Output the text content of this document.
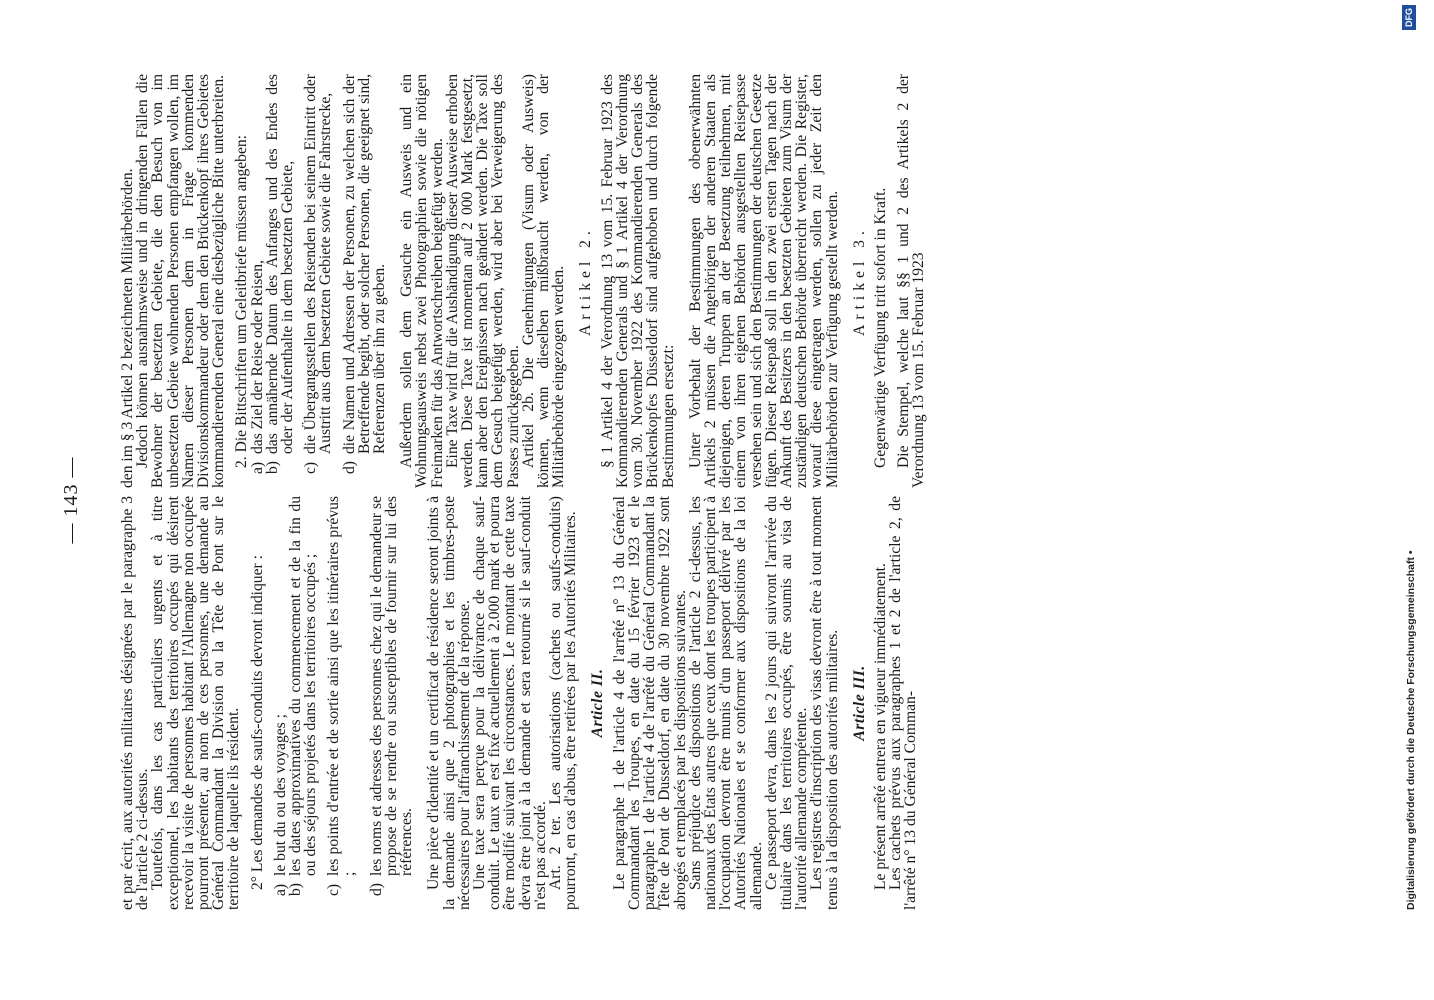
— 143 — et par écrit, aux autorités militaires désignées par le paragraphe 3 de l'article 2 ci-dessus.

Toutefois, dans les cas particuliers urgents et à titre exceptionnel, les habitants des territoires occupés qui désirent recevoir la visite de personnes habitant l'Allemagne non occupée pourront présenter, au nom de ces personnes, une demande au Général Commandant la Division ou la Tête de Pont sur le territoire de laquelle ils résident. 2° Les demandes de saufs-conduits devront indiquer : a)
le but du ou des voyages ;
b)
les dates approximatives du commencement et de la fin du ou des séjours projetés dans les territoires occupés ;
c)
les points d'entrée et de sortie ainsi que les itinéraires prévus ;
d)
les noms et adresses des personnes chez qui le demandeur se propose de se rendre ou susceptibles de fournir sur lui des références. Une pièce d'identité et un certificat de résidence seront joints à la demande ainsi que 2 photographies et les timbres-poste nécessaires pour l'affranchissement de la réponse.

Une taxe sera perçue pour la délivrance de chaque sauf-conduit. Le taux en est fixé actuellement à 2.000 mark et pourra être modifié suivant les circonstances. Le montant de cette taxe devra être joint à la demande et sera retourné si le sauf-conduit n'est pas accordé.

Art. 2 ter. Les autorisations (cachets ou saufs-conduits) pourront, en cas d'abus, être retirées par les Autorités Militaires. Article II. Le paragraphe 1 de l'article 4 de l'arrêté n° 13 du Général Commandant les Troupes, en date du 15 février 1923 et le paragraphe 1 de l'article 4 de l'arrêté du Général Commandant la Tête de Pont de Dusseldorf, en date du 30 novembre 1922 sont abrogés et remplacés par les dispositions suivantes.

Sans préjudice des dispositions de l'article 2 ci-dessus, les nationaux des États autres que ceux dont les troupes participent à l'occupation devront être munis d'un passeport délivré par les Autorités Nationales et se conformer aux dispositions de la loi allemande.

Ce passeport devra, dans les 2 jours qui suivront l'arrivée du titulaire dans les territoires occupés, être soumis au visa de l'autorité allemande compétente.

Les registres d'inscription des visas devront être à tout moment tenus à la disposition des autorités militaires. Article III. Le présent arrêté entrera en vigueur immédiatement.

Les cachets prévus aux paragraphes 1 et 2 de l'article 2, de l'arrêté n° 13 du Général Comman-

den im § 3 Artikel 2 bezeichneten Militärbehörden.

Jedoch können ausnahmsweise und in dringenden Fällen die Bewohner der besetzten Gebiete, die den Besuch von im unbesetzten Gebiete wohnenden Personen empfangen wollen, im Namen dieser Personen dem in Frage kommenden Divisionskommandeur oder dem den Brückenkopf ihres Gebietes kommandierenden General eine diesbezügliche Bitte unterbreiten. 2. Die Bittschriften um Geleitbriefe müssen angeben:

a)
das Ziel der Reise oder Reisen,
b)
das annähernde Datum des Anfanges und des Endes des oder der Aufenthalte in dem besetzten Gebiete,
c)
die Übergangsstellen des Reisenden bei seinem Eintritt oder Austritt aus dem besetzten Gebiete sowie die Fahrstrecke,
d)
die Namen und Adressen der Personen, zu welchen sich der Betreffende begibt, oder solcher Personen, die geeignet sind, Referenzen über ihn zu geben. Außerdem sollen dem Gesuche ein Ausweis und ein Wohnungsausweis nebst zwei Photographien sowie die nötigen Freimarken für das Antwortschreiben beigefügt werden.

Eine Taxe wird für die Aushändigung dieser Ausweise erhoben werden. Diese Taxe ist momentan auf 2 000 Mark festgesetzt, kann aber den Ereignissen nach geändert werden. Die Taxe soll dem Gesuch beigefügt werden, wird aber bei Verweigerung des Passes zurückgegeben.

Artikel 2b. Die Genehmigungen (Visum oder Ausweis) können, wenn dieselben mißbraucht werden, von der Militärbehörde eingezogen werden. Artikel 2. § 1 Artikel 4 der Verordnung 13 vom 15. Februar 1923 des Kommandierenden Generals und § 1 Artikel 4 der Verordnung vom 30. November 1922 des Kommandierenden Generals des Brückenkopfes Düsseldorf sind aufgehoben und durch folgende Bestimmungen ersetzt: Unter Vorbehalt der Bestimmungen des obenerwähnten Artikels 2 müssen die Angehörigen der anderen Staaten als diejenigen, deren Truppen an der Besetzung teilnehmen, mit einem von ihren eigenen Behörden ausgestellten Reisepasse versehen sein und sich den Bestimmungen der deutschen Gesetze fügen. Dieser Reisepaß soll in den zwei ersten Tagen nach der Ankunft des Besitzers in den besetzten Gebieten zum Visum der zuständigen deutschen Behörde überreicht werden. Die Register, worauf diese eingetragen werden, sollen zu jeder Zeit den Militärbehörden zur Verfügung gestellt werden. Artikel 3. Gegenwärtige Verfügung tritt sofort in Kraft. Die Stempel, welche laut §§ 1 und 2 des Artikels 2 der Verordnung 13 vom 15. Februar 1923

Digitalisierung gefördert durch die Deutsche Forschungsgemeinschaft •
DFG
